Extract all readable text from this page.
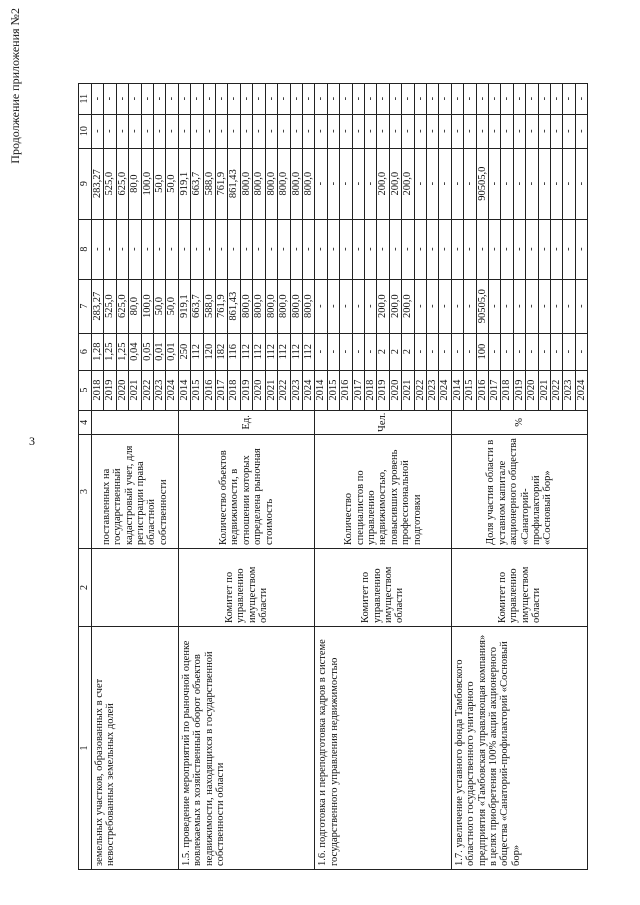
3
Продолжение приложения №2
1	2	3	4	5	6	7	8	9	10	11
земельных участков, образованных в счет невостребованных земельных долей		поставленных на государственный кадастровый учет, для регистрации права областной собственности		2018	1,28	283,27	-	283,27	-	-
				2019	1,25	525,0	-	525,0	-	-
				2020	1,25	625,0	-	625,0	-	-
				2021	0,04	80,0	-	80,0	-	-
				2022	0,05	100,0	-	100,0	-	-
				2023	0,01	50,0	-	50,0	-	-
				2024	0,01	50,0	-	50,0	-	-
1.5. проведение мероприятий по рыночной оценке вовлекаемых в хозяйственный оборот объектов недвижимости, находящихся в государственной собственности области	Комитет по управлению имуществом области	Количество объектов недвижимости, в отношении которых определена рыночная стоимость	Ед.	2014	250	919,1	-	919,1	-	-
				2015	112	663,7	-	663,7	-	-
				2016	120	588,0	-	588,0	-	-
				2017	182	761,9	-	761,9	-	-
				2018	116	861,43	-	861,43	-	-
				2019	112	800,0	-	800,0	-	-
				2020	112	800,0	-	800,0	-	-
				2021	112	800,0	-	800,0	-	-
				2022	112	800,0	-	800,0	-	-
				2023	112	800,0	-	800,0	-	-
				2024	112	800,0	-	800,0	-	-
1.6. подготовка и переподготовка кадров в системе государственного управления недвижимостью	Комитет по управлению имуществом области	Количество специалистов по управлению недвижимостью, повысивших уровень профессиональной подготовки	Чел.	2014	-	-	-	-	-	-
				2015	-	-	-	-	-	-
				2016	-	-	-	-	-	-
				2017	-	-	-	-	-	-
				2018	-	-	-	-	-	-
				2019	2	200,0	-	200,0	-	-
				2020	2	200,0	-	200,0	-	-
				2021	2	200,0	-	200,0	-	-
				2022	-	-	-	-	-	-
				2023	-	-	-	-	-	-
				2024	-	-	-	-	-	-
1.7. увеличение уставного фонда Тамбовского областного государственного унитарного предприятия «Тамбовская управляющая компания» в целях приобретения 100% акций акционерного общества «Санаторий-профилакторий «Сосновый бор»	Комитет по управлению имуществом области	Доля участия области в уставном капитале акционерного общества «Санаторий-профилакторий «Сосновый бор»	%	2014	-	-	-	-	-	-
				2015	-	-	-	-	-	-
				2016	100	90505,0	-	90505,0	-	-
				2017	-	-	-	-	-	-
				2018	-	-	-	-	-	-
				2019	-	-	-	-	-	-
				2020	-	-	-	-	-	-
				2021	-	-	-	-	-	-
				2022	-	-	-	-	-	-
				2023	-	-	-	-	-	-
				2024	-	-	-	-	-	-
